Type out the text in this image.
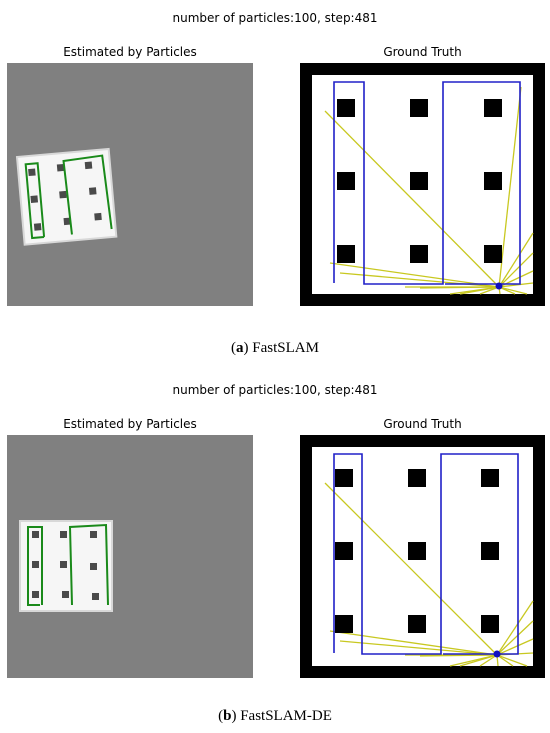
number of particles:100, step:481
Estimated by Particles	Ground Truth
(a) FastSLAM
number of particles:100, step:481
Estimated by Particles	Ground Truth
(b) FastSLAM-DE
